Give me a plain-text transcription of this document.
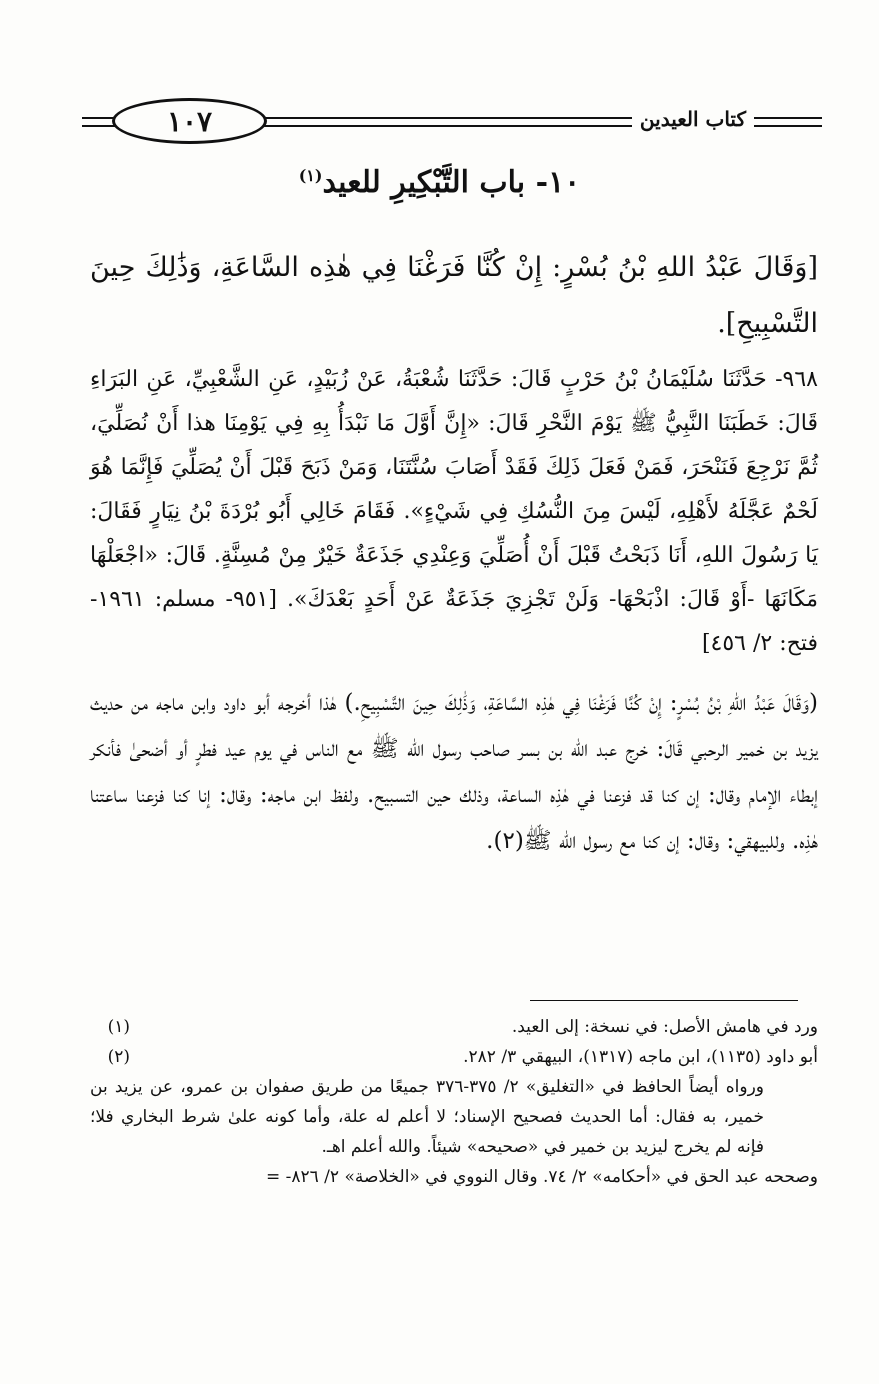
١٠٧	كتاب العيدين
١٠- باب التَّبْكِيرِ للعيد$^{(١)}$
[وَقَالَ عَبْدُ اللهِ بْنُ بُسْرٍ: إِنْ كُنَّا فَرَغْنَا فِي هٰذِه السَّاعَةِ، وَذَٰلِكَ حِينَ التَّسْبِيحِ].
٩٦٨- حَدَّثَنَا سُلَيْمَانُ بْنُ حَرْبٍ قَالَ: حَدَّثَنَا شُعْبَةُ، عَنْ زُبَيْدٍ، عَنِ الشَّعْبِيِّ، عَنِ البَرَاءِ قَالَ: خَطَبَنَا النَّبِيُّ ﷺ يَوْمَ النَّحْرِ قَالَ: «إِنَّ أَوَّلَ مَا نَبْدَأُ بِهِ فِي يَوْمِنَا هذا أَنْ نُصَلِّيَ، ثُمَّ نَرْجِعَ فَنَنْحَرَ، فَمَنْ فَعَلَ ذَلِكَ فَقَدْ أَصَابَ سُنَّتَنَا، وَمَنْ ذَبَحَ قَبْلَ أَنْ يُصَلِّيَ فَإِنَّمَا هُوَ لَحْمٌ عَجَّلَهُ لأَهْلِهِ، لَيْسَ مِنَ النُّسُكِ فِي شَيْءٍ». فَقَامَ خَالِي أَبُو بُرْدَةَ بْنُ نِيَارٍ فَقَالَ: يَا رَسُولَ اللهِ، أَنَا ذَبَحْتُ قَبْلَ أَنْ أُصَلِّيَ وَعِنْدِي جَذَعَةٌ خَيْرٌ مِنْ مُسِنَّةٍ. قَالَ: «اجْعَلْهَا مَكَانَهَا -أَوْ قَالَ: اذْبَحْهَا- وَلَنْ تَجْزِيَ جَذَعَةٌ عَنْ أَحَدٍ بَعْدَكَ». [٩٥١- مسلم: ١٩٦١- فتح: ٢/ ٤٥٦]
(وَقَالَ عَبْدُ اللهِ بْنُ بُسْرٍ: إِنْ كُنَّا فَرَغْنَا فِي هٰذِه السَّاعَةِ، وَذَٰلِكَ حِينَ التَّسْبِيحِ.) هٰذا أخرجه أبو داود وابن ماجه من حديث يزيد بن خمير الرحبي قَالَ: خرج عبد الله بن بسر صاحب رسول الله ﷺ مع الناس في يوم عيد فطرٍ أو أضحىٰ فأنكر إبطاء الإمام وقال: إن كنا قد فزعنا في هٰذِه الساعة، وذلك حين التسبيح. ولفظ ابن ماجه: وقال: إنا كنا فزعنا ساعتنا هٰذِه. وللبيهقي: وقال: إن كنا مع رسول الله ﷺ(٢).
(١)	ورد في هامش الأصل: في نسخة: إلى العيد.
(٢)	أبو داود (١١٣٥)، ابن ماجه (١٣١٧)، البيهقي ٣/ ٢٨٢.
ورواه أيضاً الحافظ في «التغليق» ٢/ ٣٧٥-٣٧٦ جميعًا من طريق صفوان بن عمرو، عن يزيد بن خمير، به فقال: أما الحديث فصحيح الإسناد؛ لا أعلم له علة، وأما كونه علىٰ شرط البخاري فلا؛ فإنه لم يخرج ليزيد بن خمير في «صحيحه» شيئاً. والله أعلم اهـ.
وصححه عبد الحق في «أحكامه» ٢/ ٧٤. وقال النووي في «الخلاصة» ٢/ ٨٢٦- =
